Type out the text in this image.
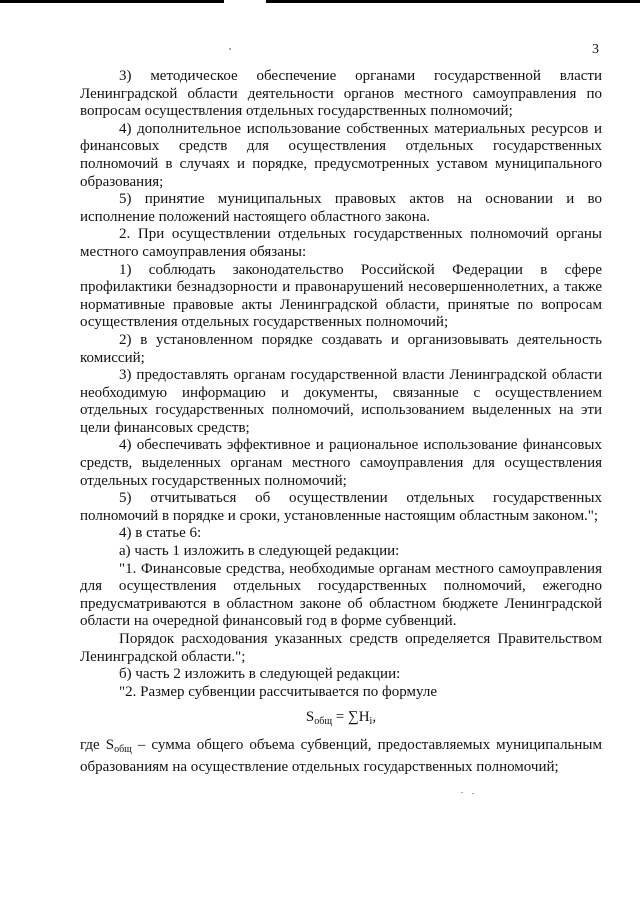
3

3) методическое обеспечение органами государственной власти Ленинградской области деятельности органов местного самоуправления по вопросам осуществления отдельных государственных полномочий;

4) дополнительное использование собственных материальных ресурсов и финансовых средств для осуществления отдельных государственных полномочий в случаях и порядке, предусмотренных уставом муниципального образования;

5) принятие муниципальных правовых актов на основании и во исполнение положений настоящего областного закона.

2. При осуществлении отдельных государственных полномочий органы местного самоуправления обязаны:

1) соблюдать законодательство Российской Федерации в сфере профилактики безнадзорности и правонарушений несовершеннолетних, а также нормативные правовые акты Ленинградской области, принятые по вопросам осуществления отдельных государственных полномочий;

2) в установленном порядке создавать и организовывать деятельность комиссий;

3) предоставлять органам государственной власти Ленинградской области необходимую информацию и документы, связанные с осуществлением отдельных государственных полномочий, использованием выделенных на эти цели финансовых средств;

4) обеспечивать эффективное и рациональное использование финансовых средств, выделенных органам местного самоуправления для осуществления отдельных государственных полномочий;

5) отчитываться об осуществлении отдельных государственных полномочий в порядке и сроки, установленные настоящим областным законом.";

4) в статье 6:

а) часть 1 изложить в следующей редакции:

"1. Финансовые средства, необходимые органам местного самоуправления для осуществления отдельных государственных полномочий, ежегодно предусматриваются в областном законе об областном бюджете Ленинградской области на очередной финансовый год в форме субвенций.

Порядок расходования указанных средств определяется Правительством Ленинградской области.";

б) часть 2 изложить в следующей редакции:

"2. Размер субвенции рассчитывается по формуле

$S_{общ} = \sum H_i$,

где $S_{общ}$ – сумма общего объема субвенций, предоставляемых муниципальным образованиям на осуществление отдельных государственных полномочий;
